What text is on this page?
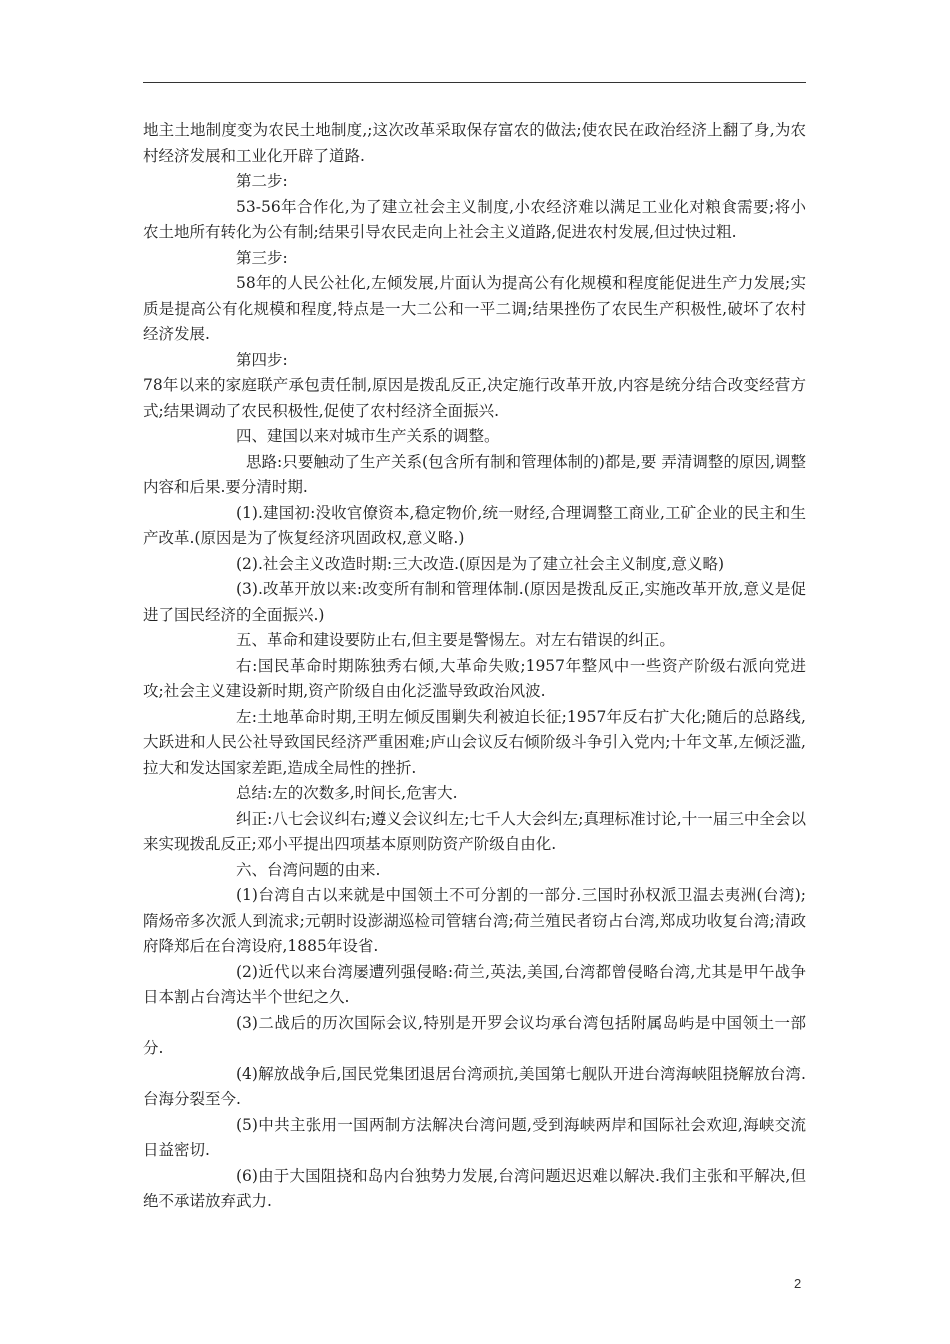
地主土地制度变为农民土地制度,;这次改革采取保存富农的做法;使农民在政治经济上翻了身,为农村经济发展和工业化开辟了道路.

第二步:

53-56年合作化,为了建立社会主义制度,小农经济难以满足工业化对粮食需要;将小农土地所有转化为公有制;结果引导农民走向上社会主义道路,促进农村发展,但过快过粗.

第三步:

58年的人民公社化,左倾发展,片面认为提高公有化规模和程度能促进生产力发展;实质是提高公有化规模和程度,特点是一大二公和一平二调;结果挫伤了农民生产积极性,破坏了农村经济发展.

第四步:

78年以来的家庭联产承包责任制,原因是拨乱反正,决定施行改革开放,内容是统分结合改变经营方式;结果调动了农民积极性,促使了农村经济全面振兴.

四、建国以来对城市生产关系的调整。

思路:只要触动了生产关系(包含所有制和管理体制的)都是,要 弄清调整的原因,调整内容和后果.要分清时期.

(1).建国初:没收官僚资本,稳定物价,统一财经,合理调整工商业,工矿企业的民主和生产改革.(原因是为了恢复经济巩固政权,意义略.)

(2).社会主义改造时期:三大改造.(原因是为了建立社会主义制度,意义略)

(3).改革开放以来:改变所有制和管理体制.(原因是拨乱反正,实施改革开放,意义是促进了国民经济的全面振兴.)

五、革命和建设要防止右,但主要是警惕左。对左右错误的纠正。

右:国民革命时期陈独秀右倾,大革命失败;1957年整风中一些资产阶级右派向党进攻;社会主义建设新时期,资产阶级自由化泛滥导致政治风波.

左:土地革命时期,王明左倾反围剿失利被迫长征;1957年反右扩大化;随后的总路线,大跃进和人民公社导致国民经济严重困难;庐山会议反右倾阶级斗争引入党内;十年文革,左倾泛滥,拉大和发达国家差距,造成全局性的挫折.

总结:左的次数多,时间长,危害大.

纠正:八七会议纠右;遵义会议纠左;七千人大会纠左;真理标准讨论,十一届三中全会以来实现拨乱反正;邓小平提出四项基本原则防资产阶级自由化.

六、台湾问题的由来.

(1)台湾自古以来就是中国领土不可分割的一部分.三国时孙权派卫温去夷洲(台湾);隋炀帝多次派人到流求;元朝时设澎湖巡检司管辖台湾;荷兰殖民者窃占台湾,郑成功收复台湾;清政府降郑后在台湾设府,1885年设省.

(2)近代以来台湾屡遭列强侵略:荷兰,英法,美国,台湾都曾侵略台湾,尤其是甲午战争日本割占台湾达半个世纪之久.

(3)二战后的历次国际会议,特别是开罗会议均承台湾包括附属岛屿是中国领土一部分.

(4)解放战争后,国民党集团退居台湾顽抗,美国第七舰队开进台湾海峡阻挠解放台湾.台海分裂至今.

(5)中共主张用一国两制方法解决台湾问题,受到海峡两岸和国际社会欢迎,海峡交流日益密切.

(6)由于大国阻挠和岛内台独势力发展,台湾问题迟迟难以解决.我们主张和平解决,但绝不承诺放弃武力.

2
